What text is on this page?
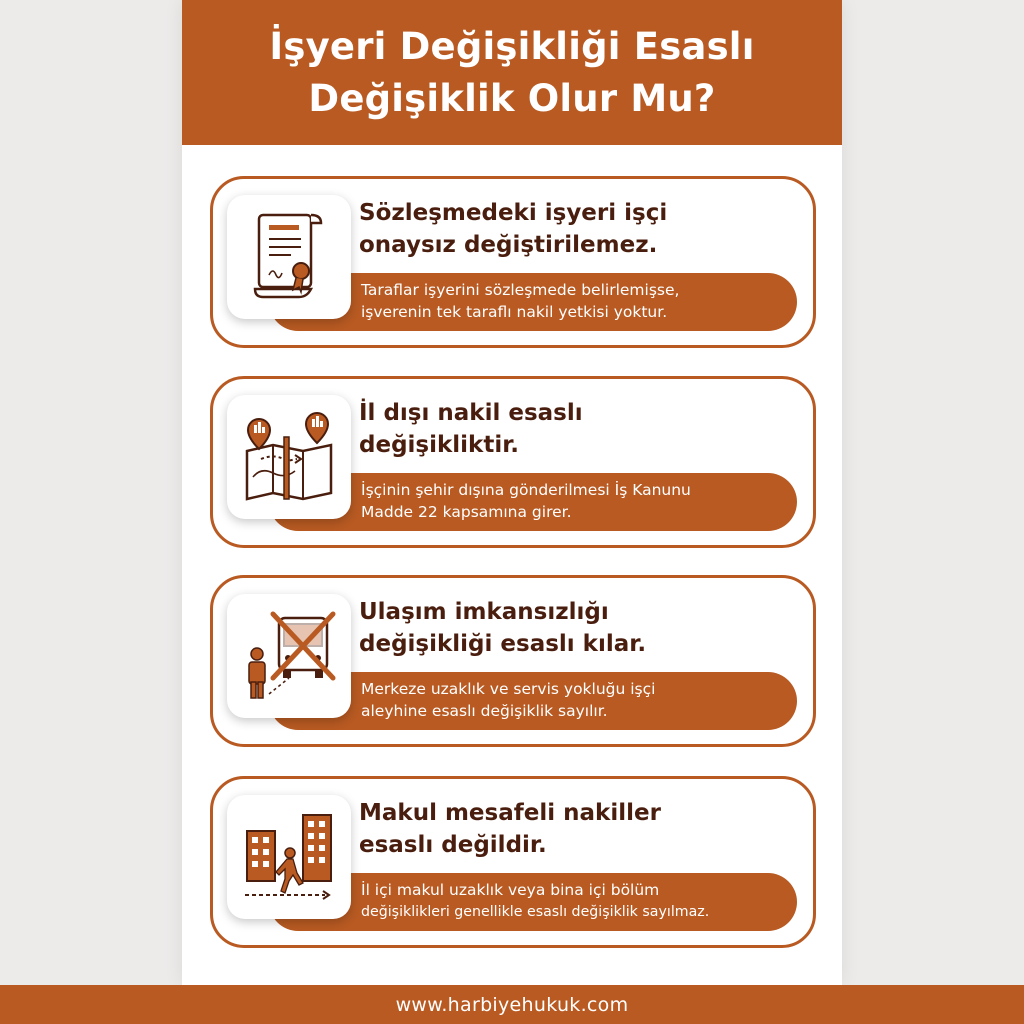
İşyeri Değişikliği Esaslı
Değişiklik Olur Mu?
Sözleşmedeki işyeri işçi
onaysız değiştirilemez.
Taraflar işyerini sözleşmede belirlemişse,
işverenin tek taraflı nakil yetkisi yoktur.
İl dışı nakil esaslı
değişikliktir.
İşçinin şehir dışına gönderilmesi İş Kanunu
Madde 22 kapsamına girer.
Ulaşım imkansızlığı
değişikliği esaslı kılar.
Merkeze uzaklık ve servis yokluğu işçi
aleyhine esaslı değişiklik sayılır.
Makul mesafeli nakiller
esaslı değildir.
İl içi makul uzaklık veya bina içi bölüm
değişiklikleri genellikle esaslı değişiklik sayılmaz.
www.harbiyehukuk.com
